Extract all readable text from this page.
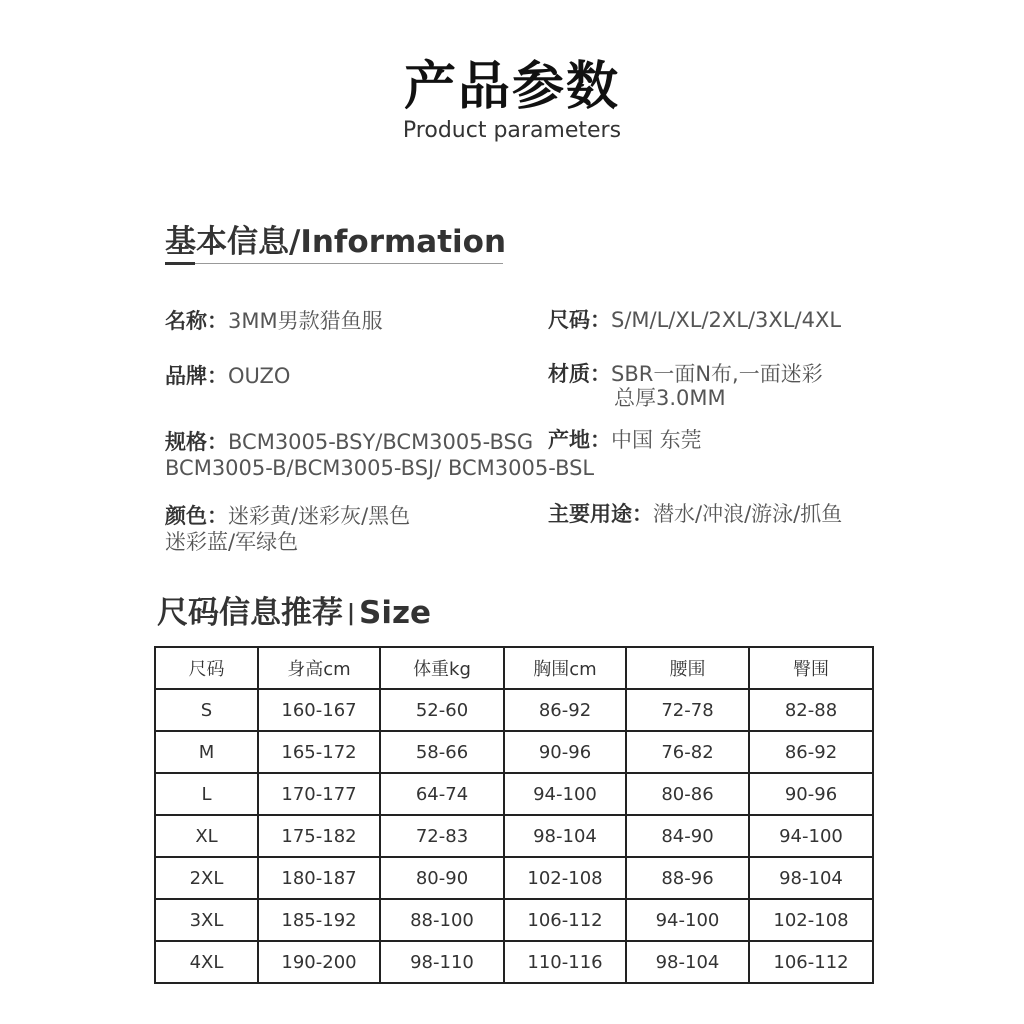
产品参数
Product parameters
基本信息/Information
名称：3MM男款猎鱼服
品牌：OUZO
规格：BCM3005-BSY/BCM3005-BSG
BCM3005-B/BCM3005-BSJ/ BCM3005-BSL
颜色：迷彩黄/迷彩灰/黑色
迷彩蓝/军绿色
尺码：S/M/L/XL/2XL/3XL/4XL
材质：SBR一面N布,一面迷彩
总厚3.0MM
产地：中国 东莞
主要用途：潜水/冲浪/游泳/抓鱼
尺码信息推荐 | Size
尺码	身高cm	体重kg	胸围cm	腰围	臀围
S	160-167	52-60	86-92	72-78	82-88
M	165-172	58-66	90-96	76-82	86-92
L	170-177	64-74	94-100	80-86	90-96
XL	175-182	72-83	98-104	84-90	94-100
2XL	180-187	80-90	102-108	88-96	98-104
3XL	185-192	88-100	106-112	94-100	102-108
4XL	190-200	98-110	110-116	98-104	106-112
